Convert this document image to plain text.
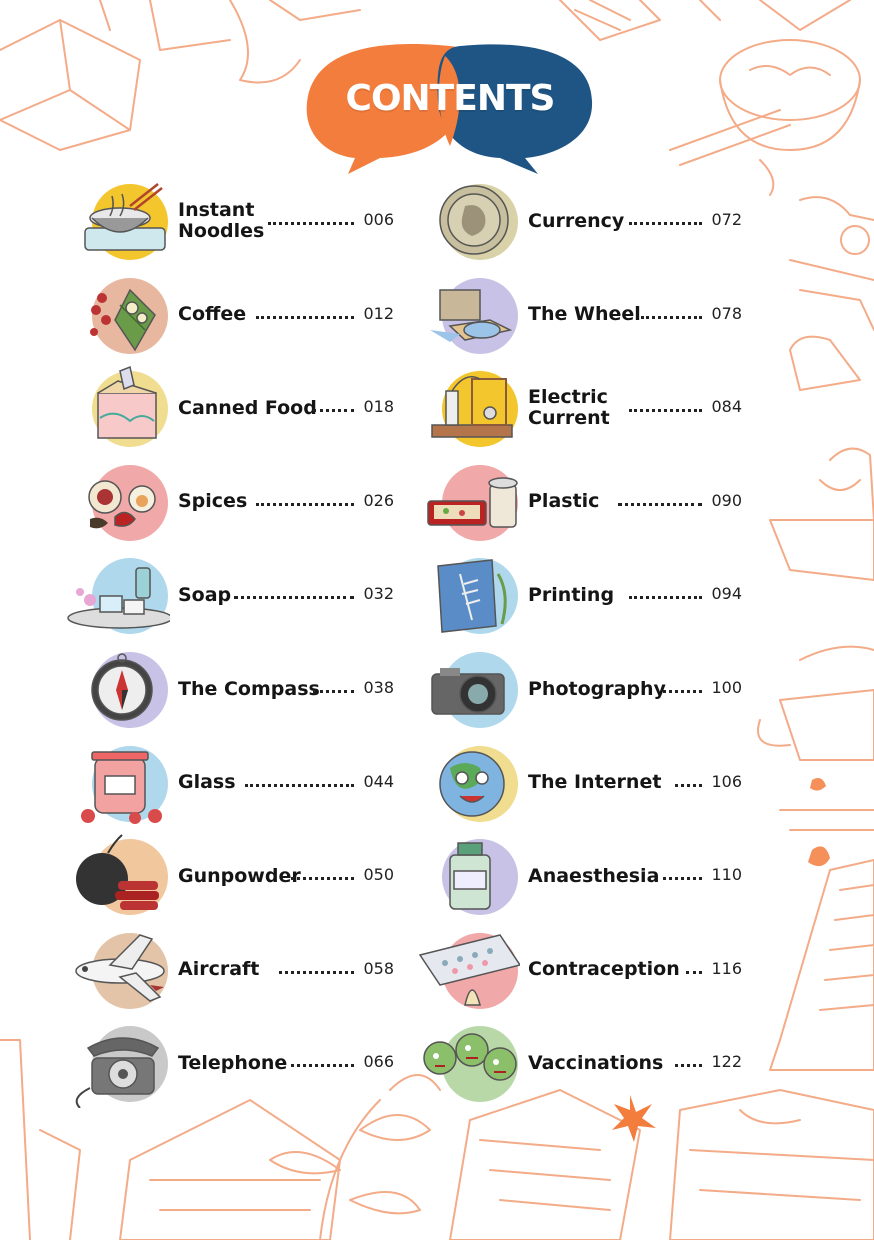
CONTENTS
Instant
Noodles
006
Coffee	012
Canned Food	018
Spices	026
Soap	032
The Compass	038
Glass	044
Gunpowder	050
Aircraft	058
Telephone	066
Currency	072
The Wheel	078
Electric
Current
084
Plastic	090
Printing	094
Photography	100
The Internet	106
Anaesthesia	110
Contraception 116
Vaccinations	122
